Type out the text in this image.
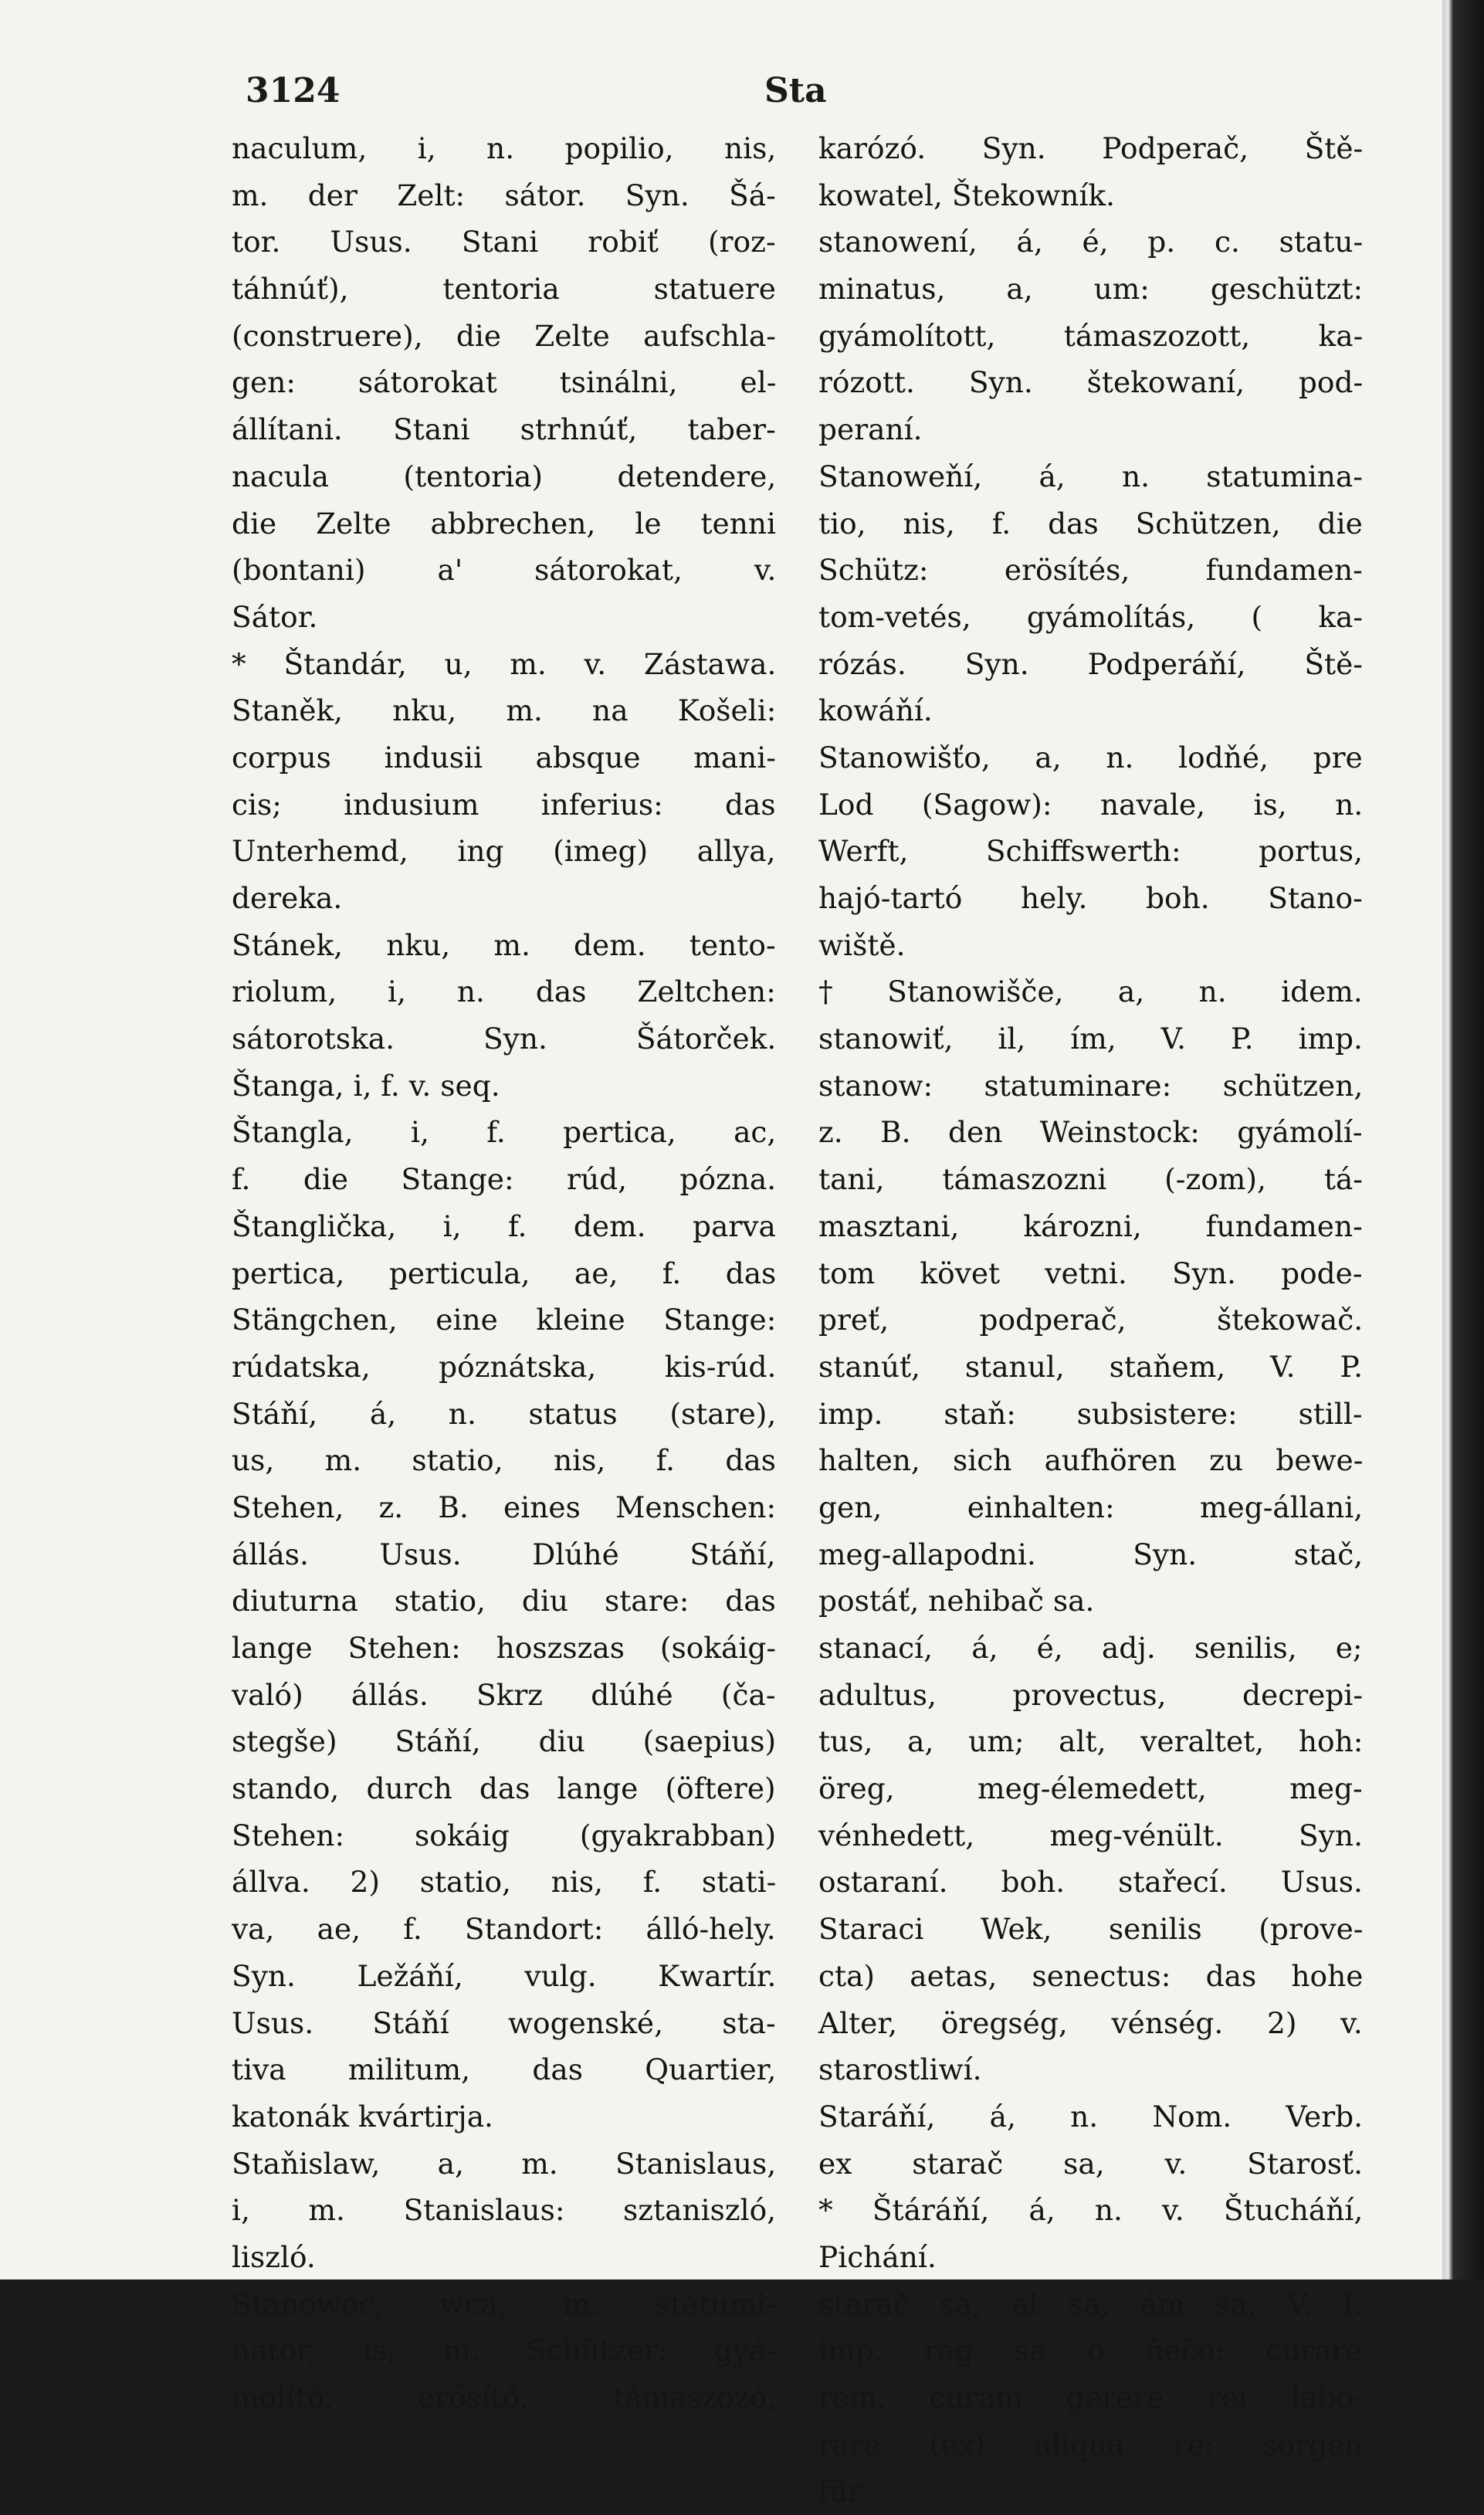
3124	Sta
naculum, i, n. popilio, nis,
m. der Zelt: sátor. Syn. Šá-
tor. Usus. Stani robiť (roz-
táhnúť), tentoria statuere
(construere), die Zelte aufschla-
gen: sátorokat tsinálni, el-
állítani. Stani strhnúť, taber-
nacula (tentoria) detendere,
die Zelte abbrechen, le tenni
(bontani) a' sátorokat, v.
Sátor.
* Štandár, u, m. v. Zástawa.
Staněk, nku, m. na Košeli:
corpus indusii absque mani-
cis; indusium inferius: das
Unterhemd, ing (imeg) allya,
dereka.
Stánek, nku, m. dem. tento-
riolum, i, n. das Zeltchen:
sátorotska. Syn. Šátorček.
Štanga, i, f. v. seq.
Štangla, i, f. pertica, ac,
f. die Stange: rúd, pózna.
Štanglička, i, f. dem. parva
pertica, perticula, ae, f. das
Stängchen, eine kleine Stange:
rúdatska, póznátska, kis-rúd.
Stáňí, á, n. status (stare),
us, m. statio, nis, f. das
Stehen, z. B. eines Menschen:
állás. Usus. Dlúhé Stáňí,
diuturna statio, diu stare: das
lange Stehen: hoszszas (sokáig-
való) állás. Skrz dlúhé (ča-
stegše) Stáňí, diu (saepius)
stando, durch das lange (öftere)
Stehen: sokáig (gyakrabban)
állva. 2) statio, nis, f. stati-
va, ae, f. Standort: álló-hely.
Syn. Ležáňí, vulg. Kwartír.
Usus. Stáňí wogenské, sta-
tiva militum, das Quartier,
katonák kvártirja.
Staňislaw, a, m. Stanislaus,
i, m. Stanislaus: sztaniszló,
liszló.
Stanowec, wca, m. statumi-
nator, is, m. Schützer: gyá-
molító, erősítő, támaszozó,
karózó. Syn. Podperač, Ště-
kowatel, Štekowník.
stanowení, á, é, p. c. statu-
minatus, a, um: geschützt:
gyámolított, támaszozott, ka-
rózott. Syn. štekowaní, pod-
peraní.
Stanoweňí, á, n. statumina-
tio, nis, f. das Schützen, die
Schütz: erösítés, fundamen-
tom-vetés, gyámolítás, ( ka-
rózás. Syn. Podperáňí, Ště-
kowáňí.
Stanowišťo, a, n. lodňé, pre
Lod (Sagow): navale, is, n.
Werft, Schiffswerth: portus,
hajó-tartó hely. boh. Stano-
wiště.
† Stanowišče, a, n. idem.
stanowiť, il, ím, V. P. imp.
stanow: statuminare: schützen,
z. B. den Weinstock: gyámolí-
tani, támaszozni (-zom), tá-
masztani, kározni, fundamen-
tom követ vetni. Syn. pode-
preť, podperač, štekowač.
stanúť, stanul, staňem, V. P.
imp. staň: subsistere: still-
halten, sich aufhören zu bewe-
gen, einhalten: meg-állani,
meg-allapodni. Syn. stač,
postáť, nehibač sa.
stanací, á, é, adj. senilis, e;
adultus, provectus, decrepi-
tus, a, um; alt, veraltet, hoh:
öreg, meg-élemedett, meg-
vénhedett, meg-vénült. Syn.
ostaraní. boh. stařecí. Usus.
Staraci Wek, senilis (prove-
cta) aetas, senectus: das hohe
Alter, öregség, vénség. 2) v.
starostliwí.
Staráňí, á, n. Nom. Verb.
ex starač sa, v. Starosť.
* Štáráňí, á, n. v. Štucháňí,
Pichání.
starač sa, al sa, ám sa, V. I.
imp. rag sa o ňečo: curare
rem, curam gerere rei labo-
rare (ex) aliqua re: sorgen
für
